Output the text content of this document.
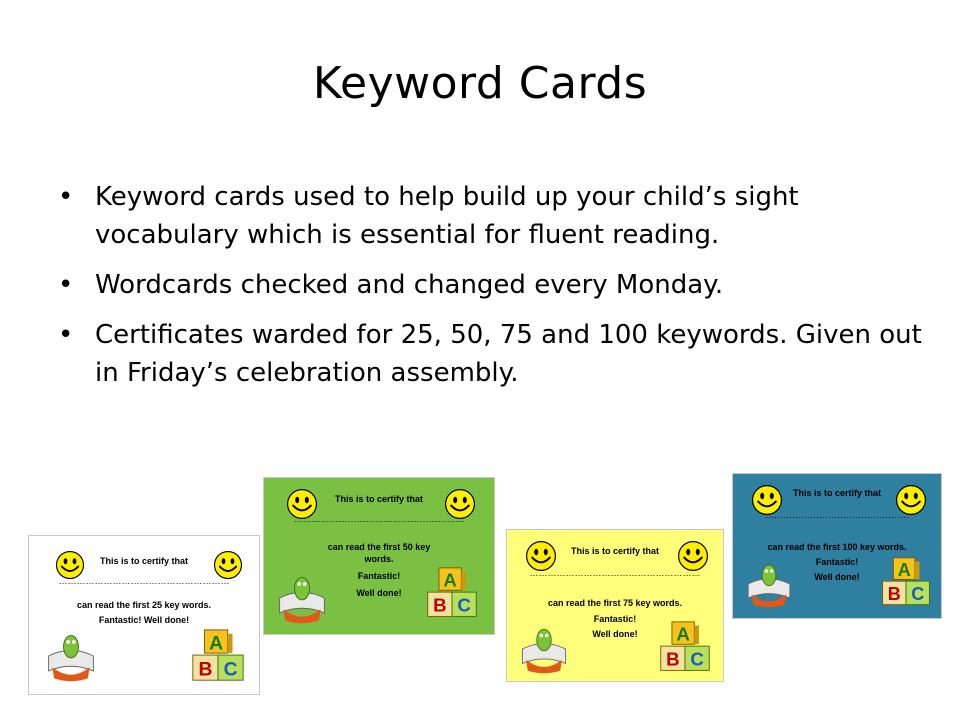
Keyword Cards
• Keyword cards used to help build up your child’s sight vocabulary which is essential for fluent reading.
• Wordcards checked and changed every Monday.
• Certificates warded for 25, 50, 75 and 100 keywords. Given out in Friday’s celebration assembly.
This is to certify that
…………………………………………………
can read the first 25 key words.
Fantastic! Well done!
This is to certify that
…………………………………………………
can read the first 50 key
words.
Fantastic!
Well done!
This is to certify that
…………………………………………………
can read the first 75 key words.
Fantastic!
Well done!
This is to certify that
…………………………………………
can read the first 100 key words.
Fantastic!
Well done!
